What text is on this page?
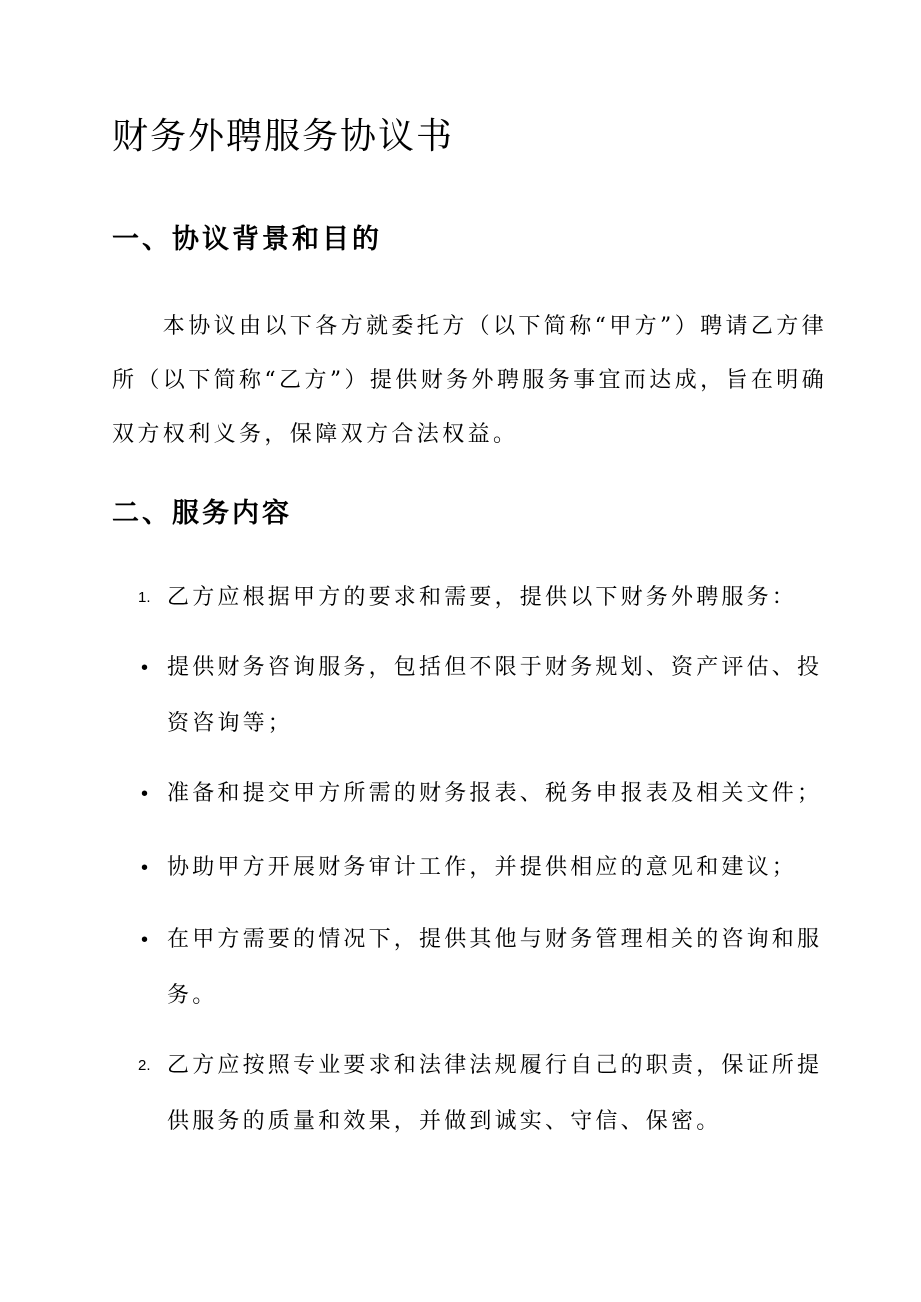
财务外聘服务协议书
一、协议背景和目的

　　本协议由以下各方就委托方（以下简称“甲方”）聘请乙方律
所（以下简称“乙方”）提供财务外聘服务事宜而达成，旨在明确
双方权利义务，保障双方合法权益。

二、服务内容
1. 乙方应根据甲方的要求和需要，提供以下财务外聘服务：
• 提供财务咨询服务，包括但不限于财务规划、资产评估、投
资咨询等；
• 准备和提交甲方所需的财务报表、税务申报表及相关文件；
• 协助甲方开展财务审计工作，并提供相应的意见和建议；
• 在甲方需要的情况下，提供其他与财务管理相关的咨询和服
务。
2. 乙方应按照专业要求和法律法规履行自己的职责，保证所提
供服务的质量和效果，并做到诚实、守信、保密。
